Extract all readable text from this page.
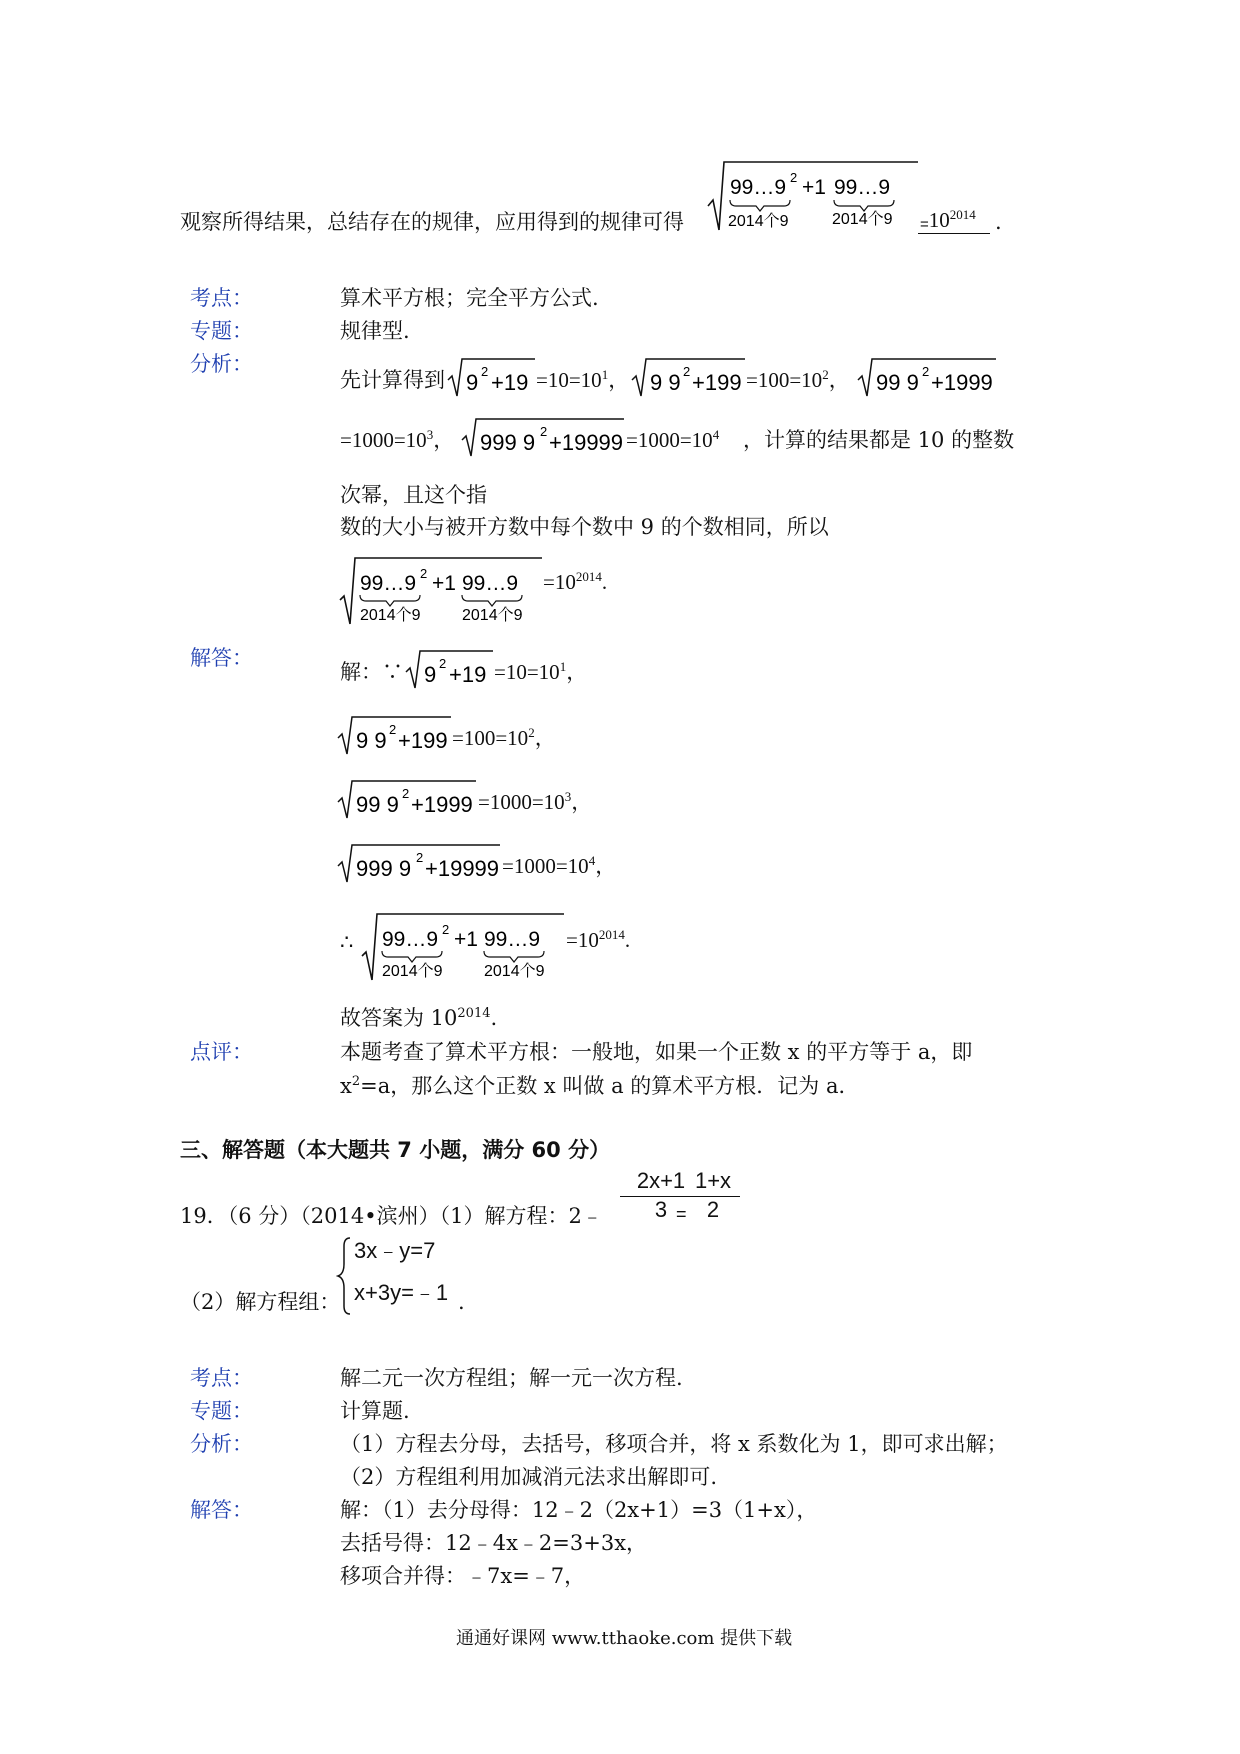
观察所得结果，总结存在的规律，应用得到的规律可得
99…9 2 +1 99…9
2014个9	2014个$9 =10^{2014}$ .
考点：	算术平方根；完全平方公式.
专题：	规律型.
分析：
先计算得到 9 $2 +19 =10=10^1$， 9 9 $2 +199 =100=10^2$， 99 9 2 +1999
$=1000=10^3$， 999 9 $2 +19999 =1000=10^4$ ，计算的结果都是 10 的整数
次幂，且这个指
数的大小与被开方数中每个数中 9 的个数相同，所以
99…9 2 +1 99…9
2014个9	2014个9
$=10^{2014}$.
解答：
解：∵ 9 $2 +19 =10=10^1$，
9 9 $2 +199 =100=10^2$，
99 9 $2 +1999 =1000=10^3$，
999 9 $2 +19999 =1000=10^4$，
∴ 99…9 2 +1 99…9
2014个9	2014个9
$=10^{2014}$.
故答案为 $10^{2014}$.
点评：	本题考查了算术平方根：一般地，如果一个正数 x 的平方等于 a，即
$x^2=a$，那么这个正数 x 叫做 a 的算术平方根．记为 a．
三、解答题（本大题共 7 小题，满分 60 分）
19．（6 分）（2014•滨州）（1）解方程：2﹣ $\frac{2x+1}{3}$
= $\frac{1+x}{2}$
（2）解方程组：
3x﹣y=7
x+3y=﹣1 .
考点：	解二元一次方程组；解一元一次方程.
专题：	计算题.
分析：	（1）方程去分母，去括号，移项合并，将 x 系数化为 1，即可求出解；
（2）方程组利用加减消元法求出解即可.
解答：	解：（1）去分母得：12﹣2（2x+1）=3（1+x），
去括号得：12﹣4x﹣2=3+3x，
移项合并得：﹣7x=﹣7，
通通好课网 www.tthaoke.com 提供下载
